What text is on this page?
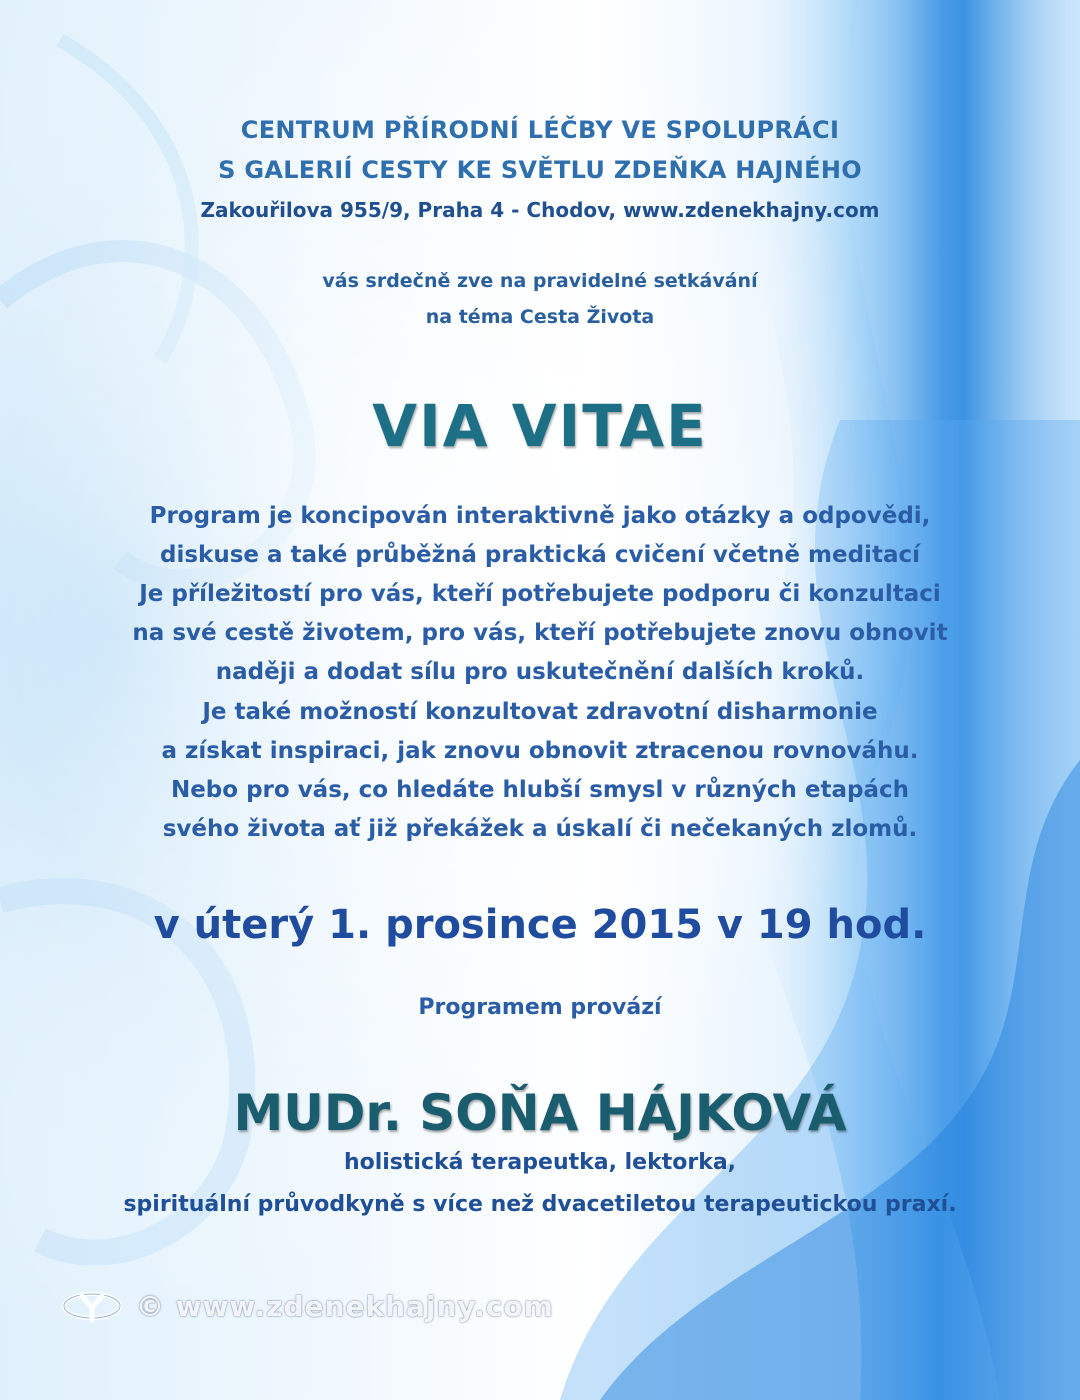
CENTRUM PŘÍRODNÍ LÉČBY VE SPOLUPRÁCI
S GALERIÍ CESTY KE SVĚTLU ZDEŇKA HAJNÉHO
Zakouřilova 955/9, Praha 4 - Chodov, www.zdenekhajny.com
vás srdečně zve na pravidelné setkávání
na téma Cesta Života
VIA VITAE
Program je koncipován interaktivně jako otázky a odpovědi,
diskuse a také průběžná praktická cvičení včetně meditací
Je příležitostí pro vás, kteří potřebujete podporu či konzultaci
na své cestě životem, pro vás, kteří potřebujete znovu obnovit
naději a dodat sílu pro uskutečnění dalších kroků.
Je také možností konzultovat zdravotní disharmonie
a získat inspiraci, jak znovu obnovit ztracenou rovnováhu.
Nebo pro vás, co hledáte hlubší smysl v různých etapách
svého života ať již překážek a úskalí či nečekaných zlomů.
v úterý 1. prosince 2015 v 19 hod.
Programem provází
MUDr. SOŇA HÁJKOVÁ
holistická terapeutka, lektorka,
spirituální průvodkyně s více než dvacetiletou terapeutickou praxí.
© www.zdenekhajny.com
